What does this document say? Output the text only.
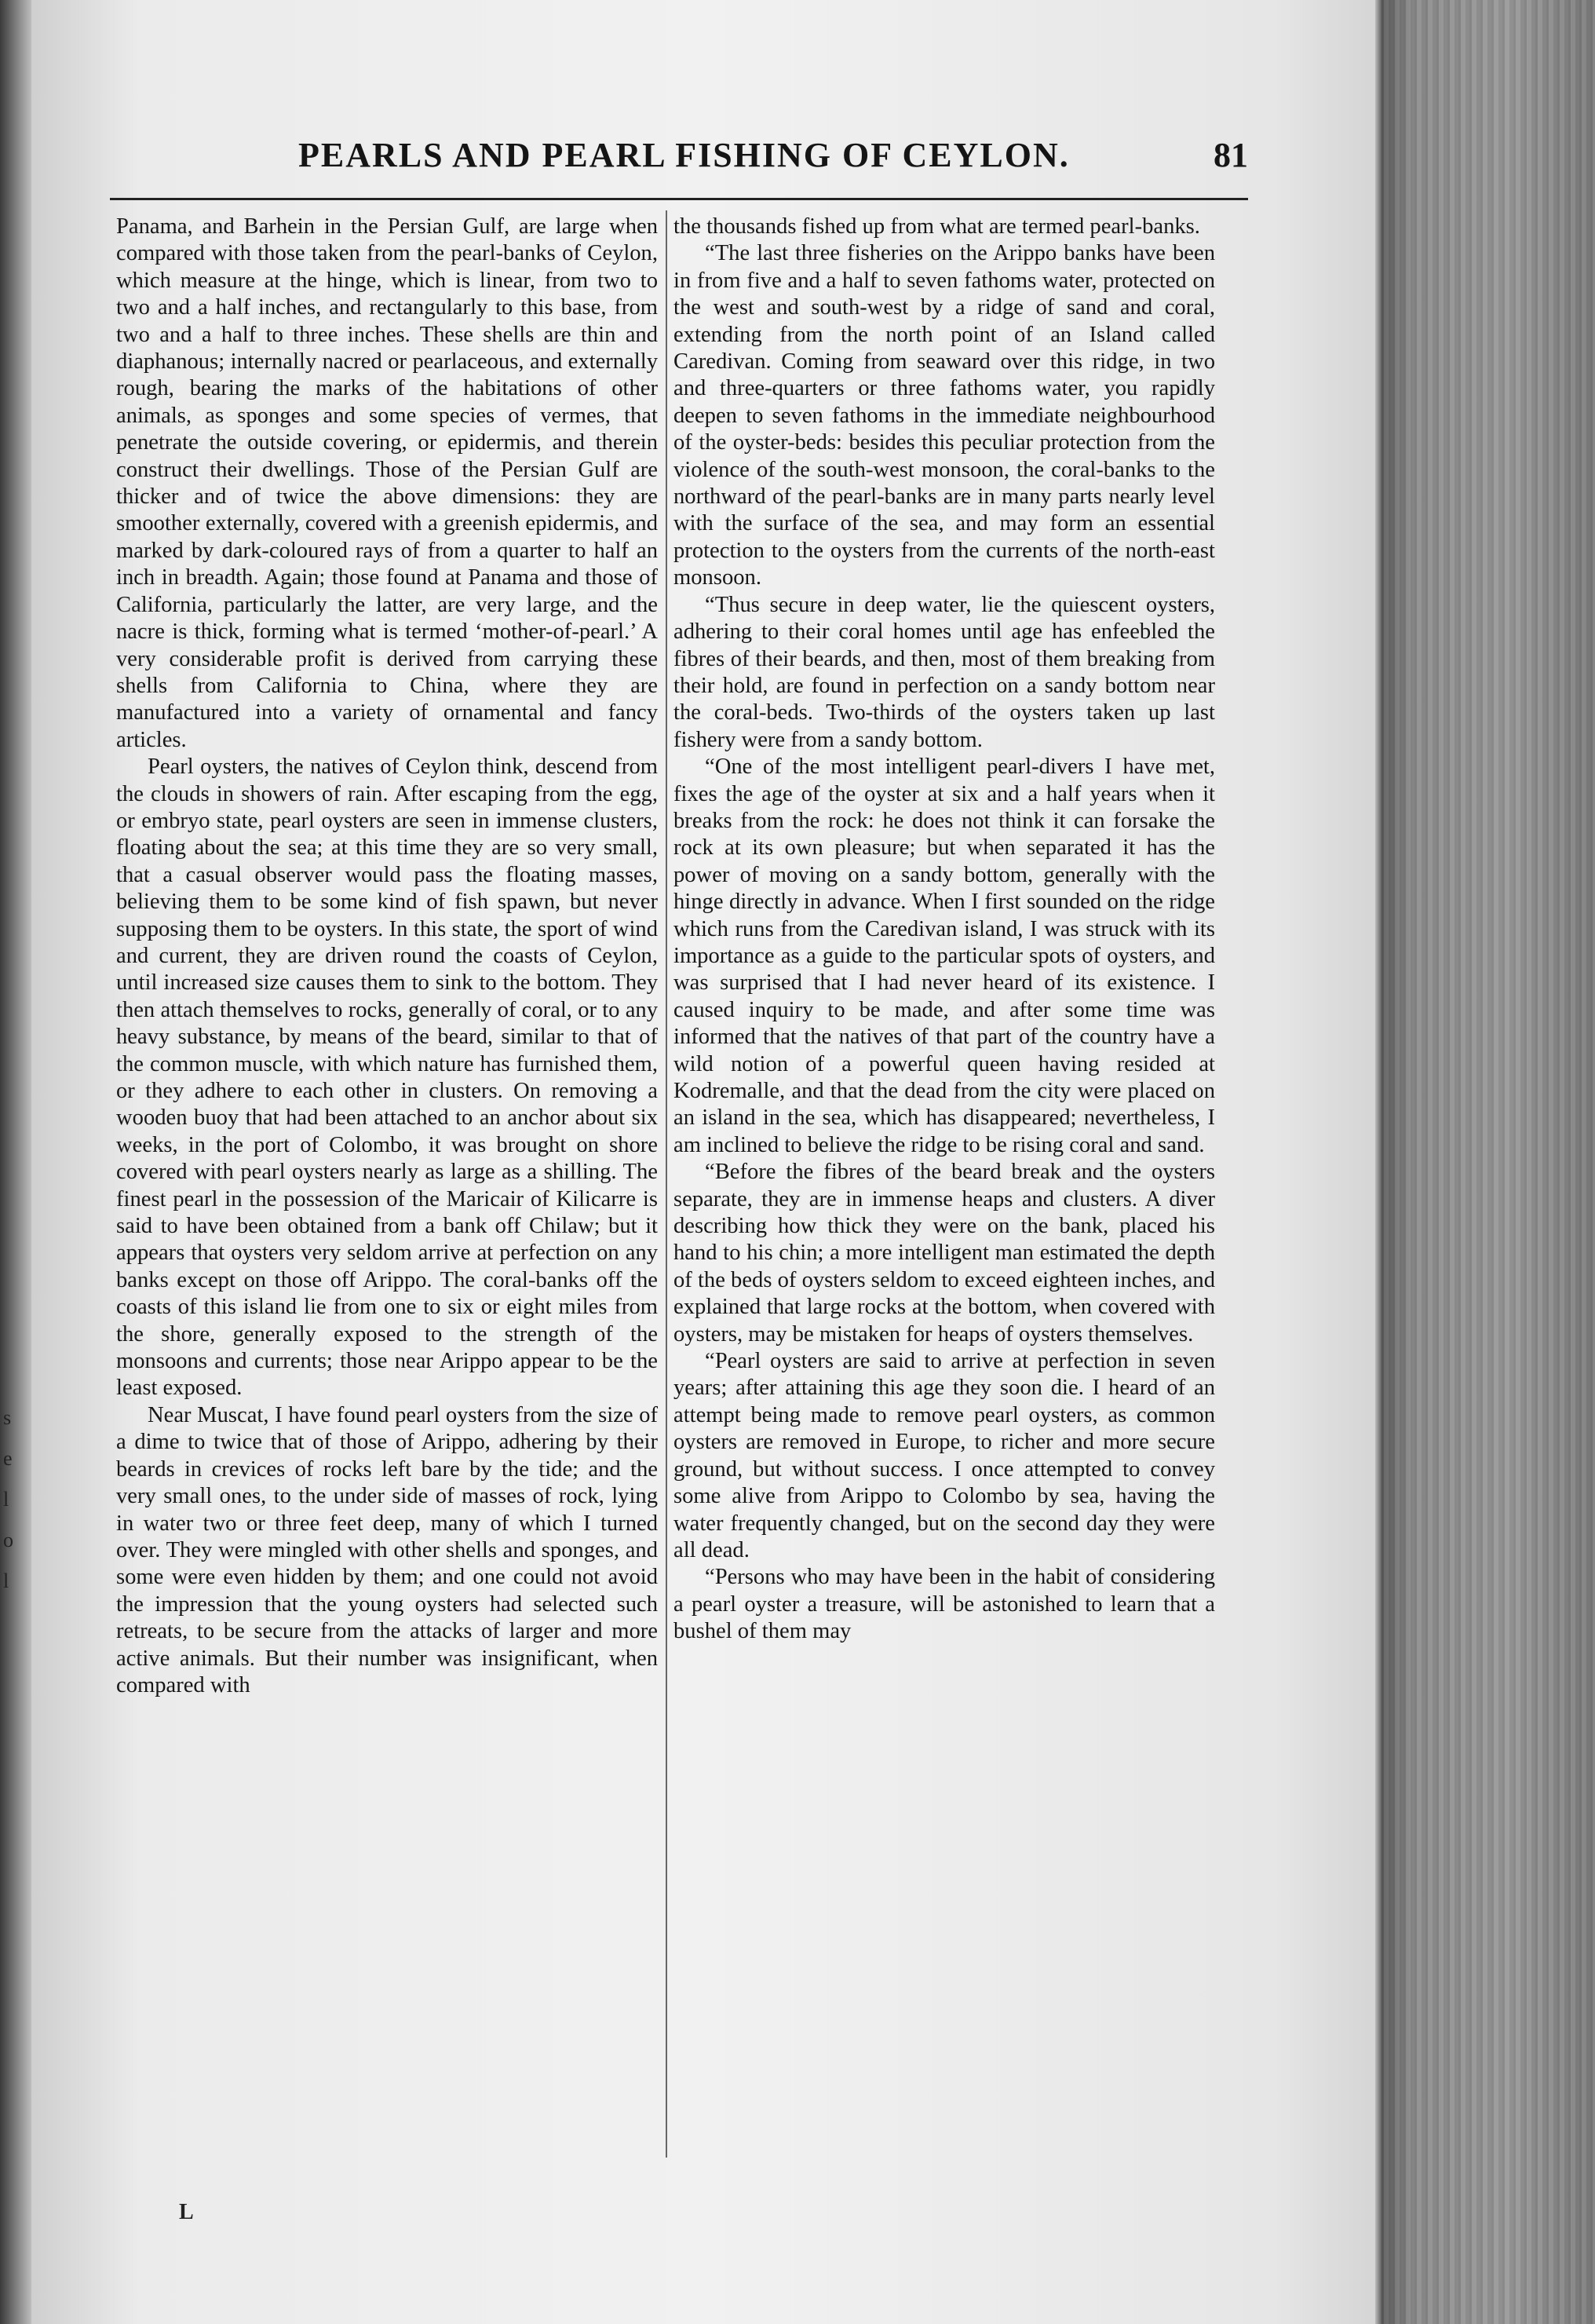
s
e
l
o
l
PEARLS AND PEARL FISHING OF CEYLON.	81

Panama, and Barhein in the Persian Gulf, are large when compared with those taken from the pearl-banks of Ceylon, which measure at the hinge, which is linear, from two to two and a half inches, and rectangularly to this base, from two and a half to three inches. These shells are thin and diaphanous; internally nacred or pearlaceous, and externally rough, bearing the marks of the habitations of other animals, as sponges and some species of vermes, that penetrate the outside covering, or epidermis, and therein construct their dwellings. Those of the Persian Gulf are thicker and of twice the above dimensions: they are smoother externally, covered with a greenish epidermis, and marked by dark-coloured rays of from a quarter to half an inch in breadth. Again; those found at Panama and those of California, particularly the latter, are very large, and the nacre is thick, forming what is termed ‘mother-of-pearl.’ A very considerable profit is derived from carrying these shells from California to China, where they are manufactured into a variety of ornamental and fancy articles.

Pearl oysters, the natives of Ceylon think, descend from the clouds in showers of rain. After escaping from the egg, or embryo state, pearl oysters are seen in immense clusters, floating about the sea; at this time they are so very small, that a casual observer would pass the floating masses, believing them to be some kind of fish spawn, but never supposing them to be oysters. In this state, the sport of wind and current, they are driven round the coasts of Ceylon, until increased size causes them to sink to the bottom. They then attach themselves to rocks, generally of coral, or to any heavy substance, by means of the beard, similar to that of the common muscle, with which nature has furnished them, or they adhere to each other in clusters. On removing a wooden buoy that had been attached to an anchor about six weeks, in the port of Colombo, it was brought on shore covered with pearl oysters nearly as large as a shilling. The finest pearl in the possession of the Maricair of Kilicarre is said to have been obtained from a bank off Chilaw; but it appears that oysters very seldom arrive at perfection on any banks except on those off Arippo. The coral-banks off the coasts of this island lie from one to six or eight miles from the shore, generally exposed to the strength of the monsoons and currents; those near Arippo appear to be the least exposed.

Near Muscat, I have found pearl oysters from the size of a dime to twice that of those of Arippo, adhering by their beards in crevices of rocks left bare by the tide; and the very small ones, to the under side of masses of rock, lying in water two or three feet deep, many of which I turned over. They were mingled with other shells and sponges, and some were even hidden by them; and one could not avoid the impression that the young oysters had selected such retreats, to be secure from the attacks of larger and more active animals. But their number was insignificant, when compared with

the thousands fished up from what are termed pearl-banks.

“The last three fisheries on the Arippo banks have been in from five and a half to seven fathoms water, protected on the west and south-west by a ridge of sand and coral, extending from the north point of an Island called Caredivan. Coming from seaward over this ridge, in two and three-quarters or three fathoms water, you rapidly deepen to seven fathoms in the immediate neighbourhood of the oyster-beds: besides this peculiar protection from the violence of the south-west monsoon, the coral-banks to the northward of the pearl-banks are in many parts nearly level with the surface of the sea, and may form an essential protection to the oysters from the currents of the north-east monsoon.

“Thus secure in deep water, lie the quiescent oysters, adhering to their coral homes until age has enfeebled the fibres of their beards, and then, most of them breaking from their hold, are found in perfection on a sandy bottom near the coral-beds. Two-thirds of the oysters taken up last fishery were from a sandy bottom.

“One of the most intelligent pearl-divers I have met, fixes the age of the oyster at six and a half years when it breaks from the rock: he does not think it can forsake the rock at its own pleasure; but when separated it has the power of moving on a sandy bottom, generally with the hinge directly in advance. When I first sounded on the ridge which runs from the Caredivan island, I was struck with its importance as a guide to the particular spots of oysters, and was surprised that I had never heard of its existence. I caused inquiry to be made, and after some time was informed that the natives of that part of the country have a wild notion of a powerful queen having resided at Kodremalle, and that the dead from the city were placed on an island in the sea, which has disappeared; nevertheless, I am inclined to believe the ridge to be rising coral and sand.

“Before the fibres of the beard break and the oysters separate, they are in immense heaps and clusters. A diver describing how thick they were on the bank, placed his hand to his chin; a more intelligent man estimated the depth of the beds of oysters seldom to exceed eighteen inches, and explained that large rocks at the bottom, when covered with oysters, may be mistaken for heaps of oysters themselves.

“Pearl oysters are said to arrive at perfection in seven years; after attaining this age they soon die. I heard of an attempt being made to remove pearl oysters, as common oysters are removed in Europe, to richer and more secure ground, but without success. I once attempted to convey some alive from Arippo to Colombo by sea, having the water frequently changed, but on the second day they were all dead.

“Persons who may have been in the habit of considering a pearl oyster a treasure, will be astonished to learn that a bushel of them may

L
